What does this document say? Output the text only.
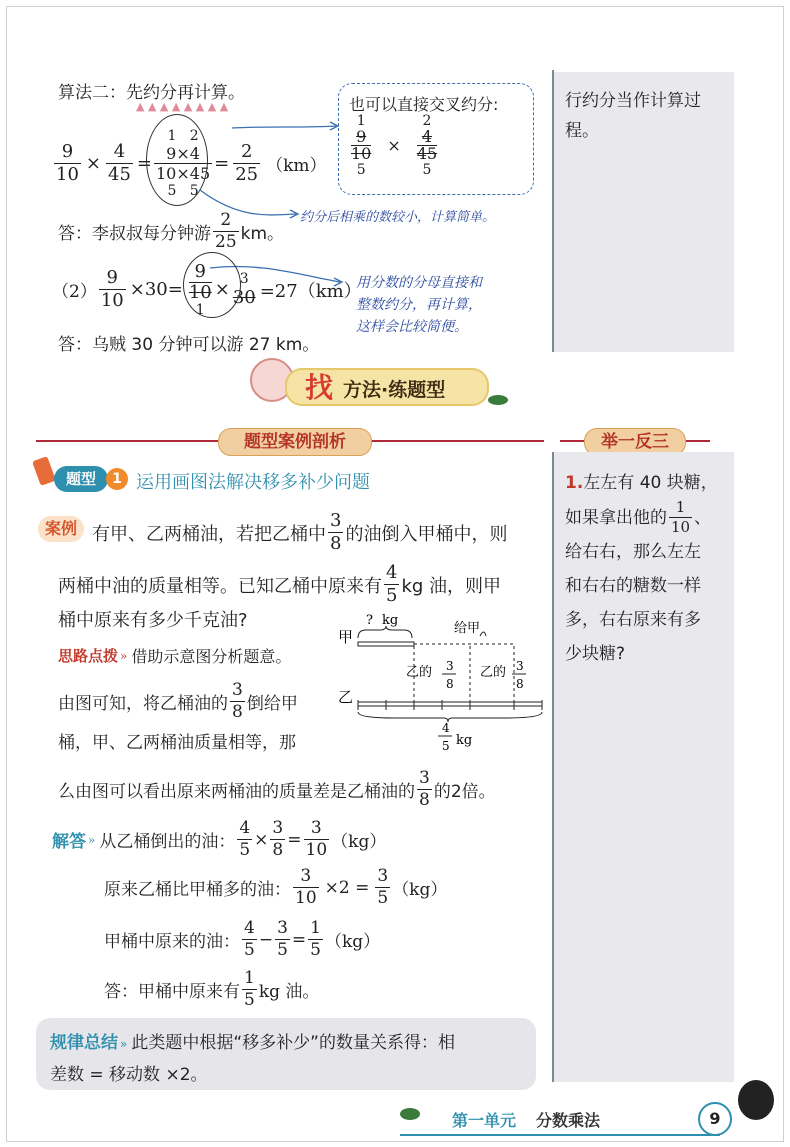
算法二：先约分再计算。
$\frac{9}{10} \times \frac{4}{45}$ =
1   2
9×4
10×45
5   5
= $\frac{2}{25} (km)$
答：李叔叔每分钟游 $\frac{2}{25}$ km。
也可以直接交叉约分:
1
9
10
5
×
2
4
45
5
▲ ▲ ▲ ▲ ▲ ▲ ▲ ▲
约分后相乘的数较小，计算简单。
$(2) \frac{9}{10} \times 30=$
9
10
1
×
3
30 =27（km）
用分数的分母直接和
整数约分，再计算，
这样会比较简便。
答：乌贼 30 分钟可以游 27 km。
行约分当作计算过
程。
找 方法·练题型
题型案例剖析	举一反三
题型	1 运用画图法解决移多补少问题
案例 有甲、乙两桶油，若把乙桶中 $\frac{3}{8}$ 的油倒入甲桶中，则
两桶中油的质量相等。已知乙桶中原来有 $\frac{4}{5}$ kg 油，则甲
桶中原来有多少千克油?
思路点拨 » 借助示意图分析题意。
由图可知，将乙桶油的 $\frac{3}{8}$ 倒给甲
桶，甲、乙两桶油质量相等，那
么由图可以看出原来两桶油的质量差是乙桶油的 $\frac{3}{8}$ 的2倍。
甲
乙
? kg
给甲
乙的 3
8
乙的 3
8
4
5 kg
解答 » 从乙桶倒出的油： $\frac{4}{5} \times \frac{3}{8} = \frac{3}{10} (kg)$
原来乙桶比甲桶多的油： $\frac{3}{10} \times 2 = \frac{3}{5} (kg)$
甲桶中原来的油： $\frac{4}{5} - \frac{3}{5} = \frac{1}{5} (kg)$
答：甲桶中原来有 $\frac{1}{5}$ kg 油。
规律总结 » 此类题中根据“移多补少”的数量关系得：相
差数 = 移动数 ×2。
1.左左有 40 块糖，
如果拿出他的 $\frac{1}{10}$ 、
给右右，那么左左
和右右的糖数一样
多，右右原来有多
少块糖?
第一单元 分数乘法	9
